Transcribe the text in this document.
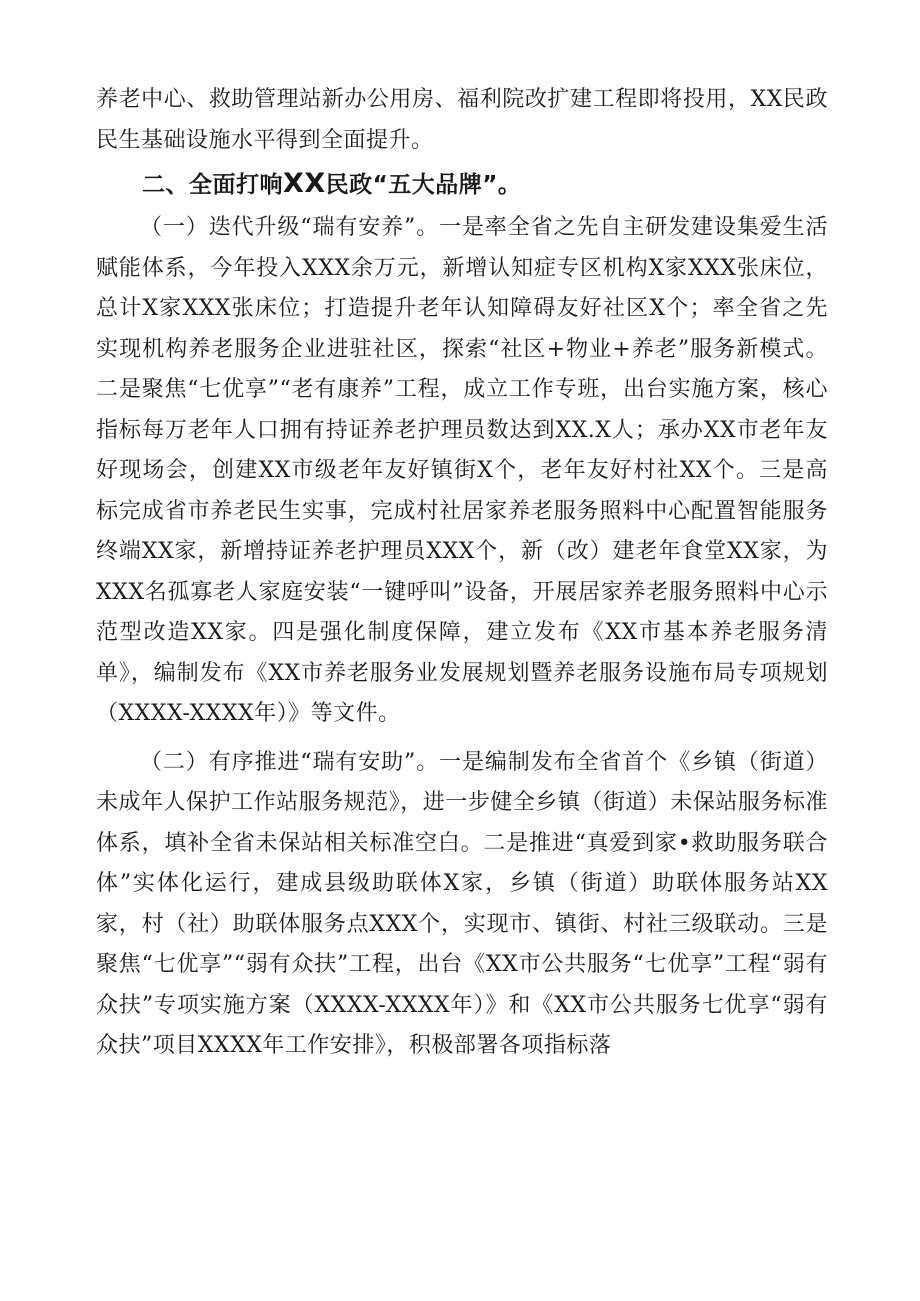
养老中心、救助管理站新办公用房、福利院改扩建工程即将投用，XX民政民生基础设施水平得到全面提升。

二、全面打响XX民政“五大品牌”。

（一）迭代升级“瑞有安养”。一是率全省之先自主研发建设集爱生活赋能体系，今年投入XXX余万元，新增认知症专区机构X家XXX张床位，总计X家XXX张床位；打造提升老年认知障碍友好社区X个；率全省之先实现机构养老服务企业进驻社区，探索“社区+物业+养老”服务新模式。二是聚焦“七优享”“老有康养”工程，成立工作专班，出台实施方案，核心指标每万老年人口拥有持证养老护理员数达到XX.X人；承办XX市老年友好现场会，创建XX市级老年友好镇街X个，老年友好村社XX个。三是高标完成省市养老民生实事，完成村社居家养老服务照料中心配置智能服务终端XX家，新增持证养老护理员XXX个，新（改）建老年食堂XX家，为XXX名孤寡老人家庭安装“一键呼叫”设备，开展居家养老服务照料中心示范型改造XX家。四是强化制度保障，建立发布《XX市基本养老服务清单》，编制发布《XX市养老服务业发展规划暨养老服务设施布局专项规划（XXXX-XXXX年）》等文件。

（二）有序推进“瑞有安助”。一是编制发布全省首个《乡镇（街道）未成年人保护工作站服务规范》，进一步健全乡镇（街道）未保站服务标准体系，填补全省未保站相关标准空白。二是推进“真爱到家•救助服务联合体”实体化运行，建成县级助联体X家，乡镇（街道）助联体服务站XX家，村（社）助联体服务点XXX个，实现市、镇街、村社三级联动。三是聚焦“七优享”“弱有众扶”工程，出台《XX市公共服务“七优享”工程“弱有众扶”专项实施方案（XXXX-XXXX年）》和《XX市公共服务七优享“弱有众扶”项目XXXX年工作安排》，积极部署各项指标落
